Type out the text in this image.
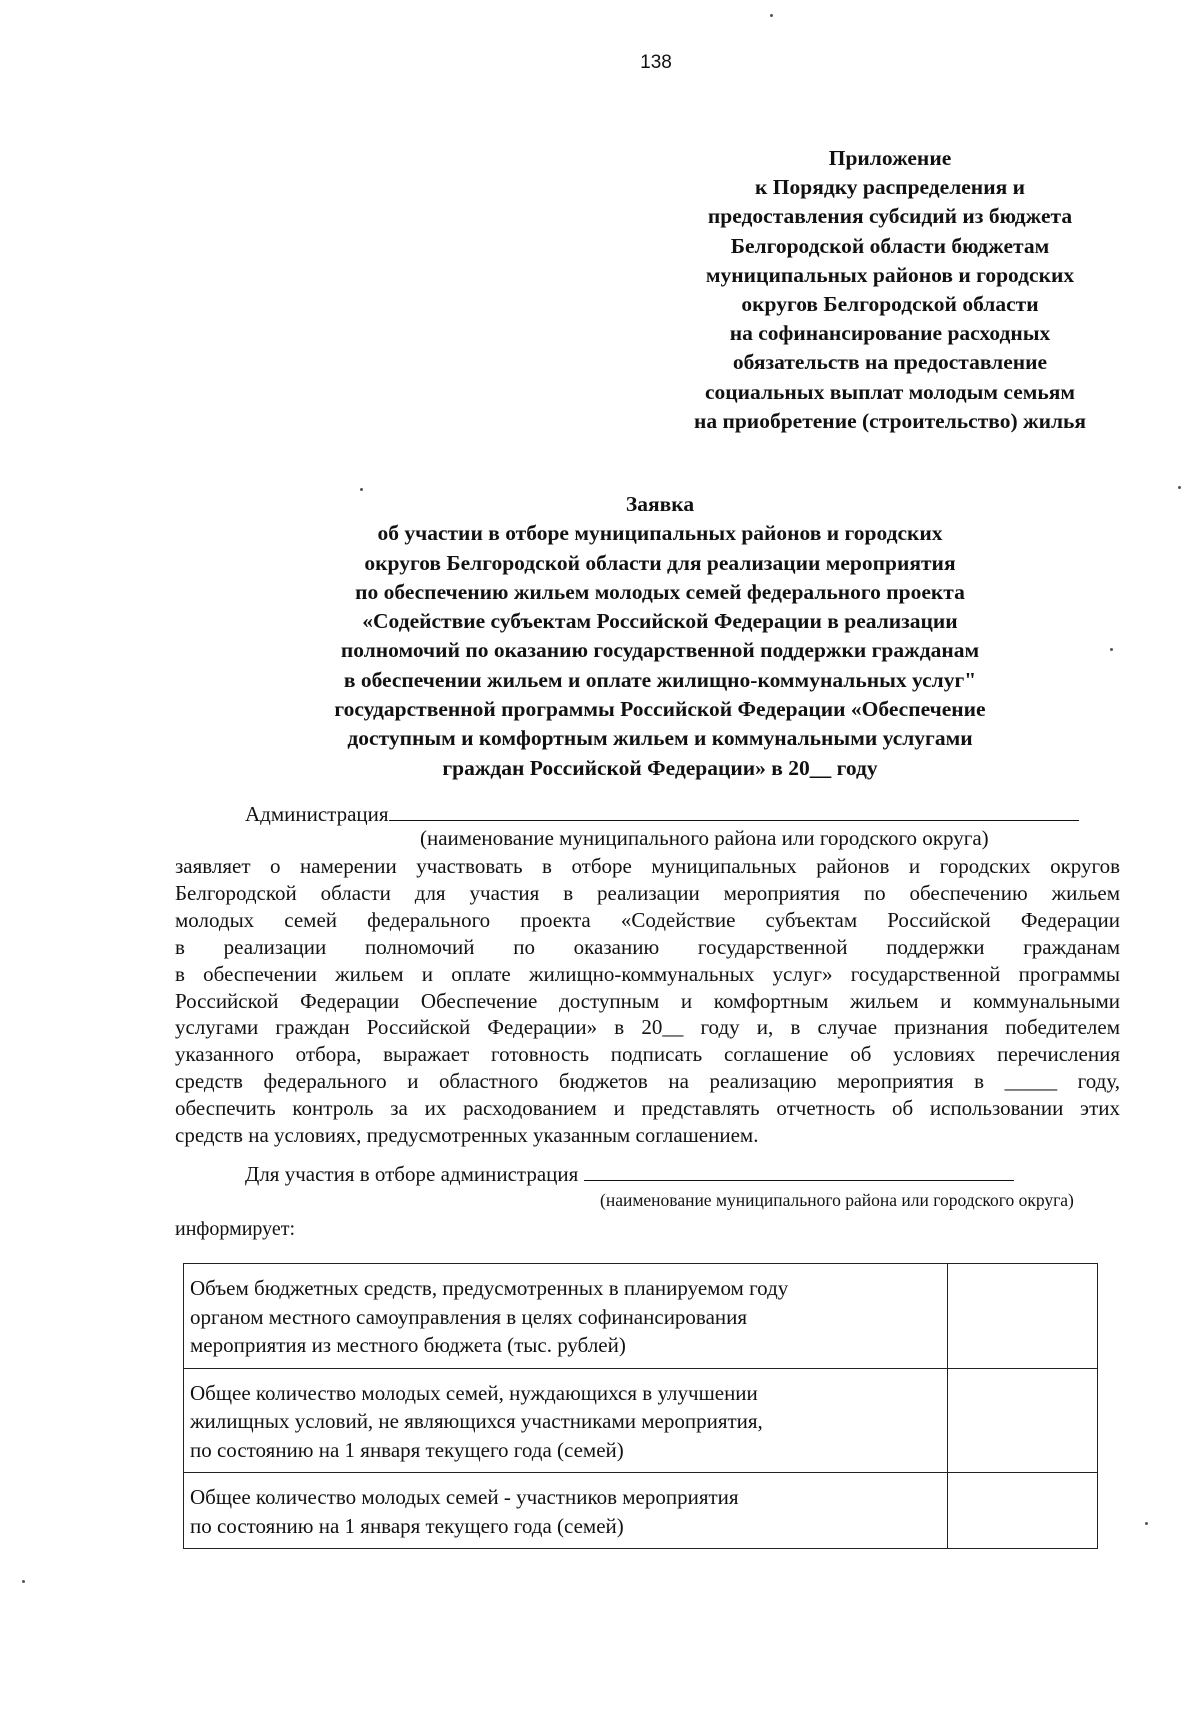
138
Приложение
к Порядку распределения и
предоставления субсидий из бюджета
Белгородской области бюджетам
муниципальных районов и городских
округов Белгородской области
на софинансирование расходных
обязательств на предоставление
социальных выплат молодым семьям
на приобретение (строительство) жилья
Заявка
об участии в отборе муниципальных районов и городских
округов Белгородской области для реализации мероприятия
по обеспечению жильем молодых семей федерального проекта
«Содействие субъектам Российской Федерации в реализации
полномочий по оказанию государственной поддержки гражданам
в обеспечении жильем и оплате жилищно-коммунальных услуг"
государственной программы Российской Федерации «Обеспечение
доступным и комфортным жильем и коммунальными услугами
граждан Российской Федерации» в 20__ году
Администрация
(наименование муниципального района или городского округа)
заявляет о намерении участвовать в отборе муниципальных районов и городских округов
Белгородской области для участия в реализации мероприятия по обеспечению жильем
молодых семей федерального проекта «Содействие субъектам Российской Федерации
в реализации полномочий по оказанию государственной поддержки гражданам
в обеспечении жильем и оплате жилищно-коммунальных услуг» государственной программы
Российской Федерации Обеспечение доступным и комфортным жильем и коммунальными
услугами граждан Российской Федерации» в 20__ году и, в случае признания победителем
указанного отбора, выражает готовность подписать соглашение об условиях перечисления
средств федерального и областного бюджетов на реализацию мероприятия в _____ году,
обеспечить контроль за их расходованием и представлять отчетность об использовании этих
средств на условиях, предусмотренных указанным соглашением.
Для участия в отборе администрация
(наименование муниципального района или городского округа)
информирует:
Объем бюджетных средств, предусмотренных в планируемом году
органом местного самоуправления в целях софинансирования
мероприятия из местного бюджета (тыс. рублей)	

Общее количество молодых семей, нуждающихся в улучшении
жилищных условий, не являющихся участниками мероприятия,
по состоянию на 1 января текущего года (семей)	

Общее количество молодых семей - участников мероприятия
по состоянию на 1 января текущего года (семей)	
